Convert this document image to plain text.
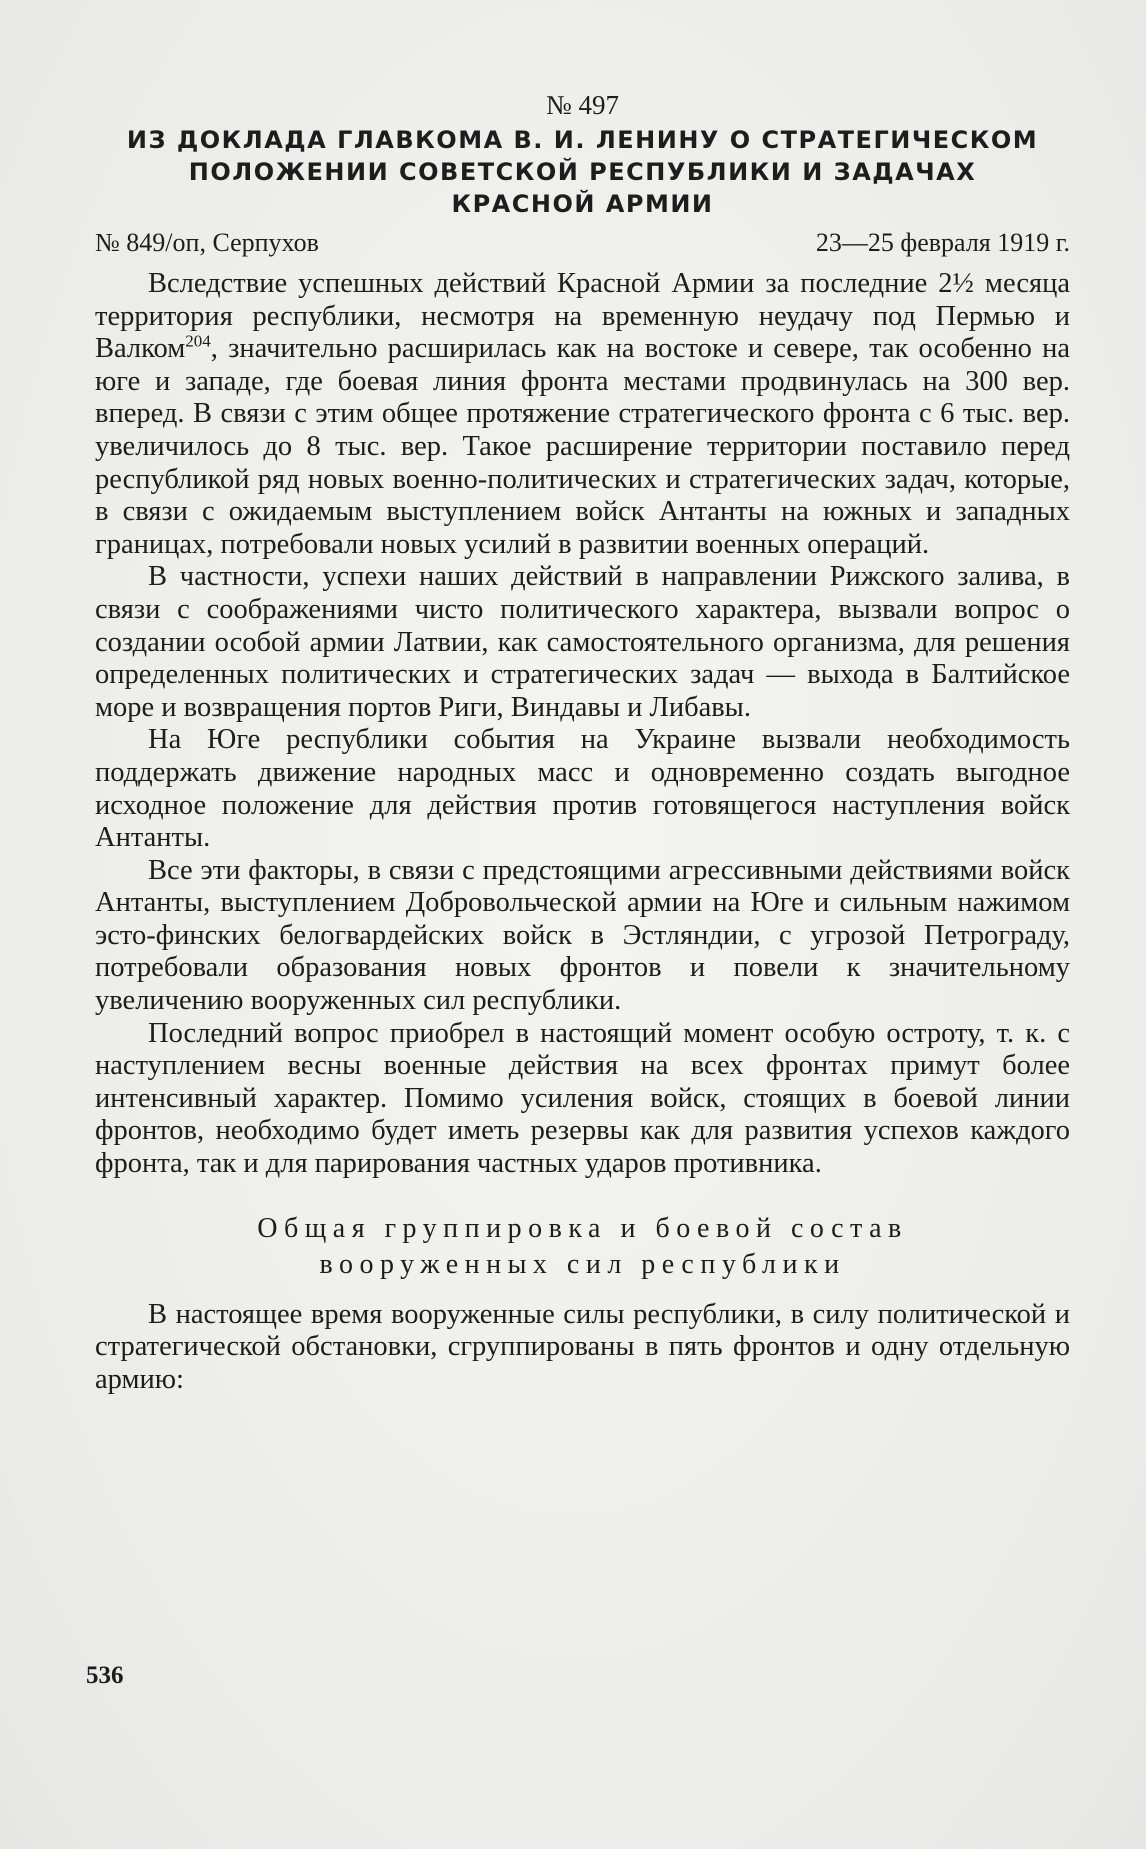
№ 497
ИЗ ДОКЛАДА ГЛАВКОМА В. И. ЛЕНИНУ О СТРАТЕГИЧЕСКОМ
ПОЛОЖЕНИИ СОВЕТСКОЙ РЕСПУБЛИКИ И ЗАДАЧАХ
КРАСНОЙ АРМИИ
№ 849/оп, Серпухов	23—25 февраля 1919 г.

Вследствие успешных действий Красной Армии за последние 2½ месяца территория республики, несмотря на временную неудачу под Пермью и Валком$^{204}$, значительно расширилась как на востоке и севере, так особенно на юге и западе, где боевая линия фронта местами продвинулась на 300 вер. вперед. В связи с этим общее протяжение стратегического фронта с 6 тыс. вер. увеличилось до 8 тыс. вер. Такое расширение территории поставило перед республикой ряд новых военно-политических и стратегических задач, которые, в связи с ожидаемым выступлением войск Антанты на южных и западных границах, потребовали новых усилий в развитии военных операций.

В частности, успехи наших действий в направлении Рижского залива, в связи с соображениями чисто политического характера, вызвали вопрос о создании особой армии Латвии, как самостоятельного организма, для решения определенных политических и стратегических задач — выхода в Балтийское море и возвращения портов Риги, Виндавы и Либавы.

На Юге республики события на Украине вызвали необходимость поддержать движение народных масс и одновременно создать выгодное исходное положение для действия против готовящегося наступления войск Антанты.

Все эти факторы, в связи с предстоящими агрессивными действиями войск Антанты, выступлением Добровольческой армии на Юге и сильным нажимом эсто-финских белогвардейских войск в Эстляндии, с угрозой Петрограду, потребовали образования новых фронтов и повели к значительному увеличению вооруженных сил республики.

Последний вопрос приобрел в настоящий момент особую остроту, т. к. с наступлением весны военные действия на всех фронтах примут более интенсивный характер. Помимо усиления войск, стоящих в боевой линии фронтов, необходимо будет иметь резервы как для развития успехов каждого фронта, так и для парирования частных ударов противника.

Общая группировка и боевой состав
вооруженных сил республики

В настоящее время вооруженные силы республики, в силу политической и стратегической обстановки, сгруппированы в пять фронтов и одну отдельную армию:

536
